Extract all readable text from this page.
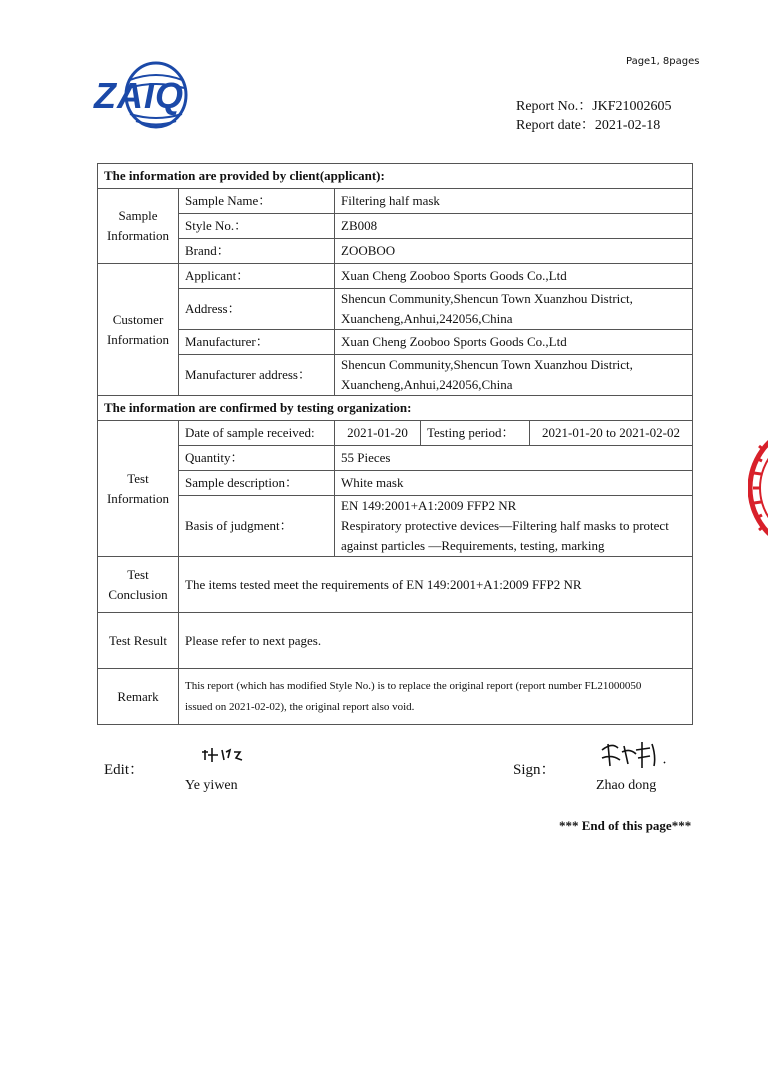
Page1, 8pages
ZAIQ	Report No.：JKF21002605
Report date：2021-02-18
The information are provided by client(applicant):				

Sample
Information	Sample Name：	Filtering half mask		
	Style No.：	ZB008		
	Brand：	ZOOBOO		

Customer
Information	Applicant：	Xuan Cheng Zooboo Sports Goods Co.,Ltd		
	Address：	Shencun Community,Shencun Town Xuanzhou District,
Xuancheng,Anhui,242056,China		

	Manufacturer：	Xuan Cheng Zooboo Sports Goods Co.,Ltd		
	Manufacturer address：	Shencun Community,Shencun Town Xuanzhou District,
Xuancheng,Anhui,242056,China		

The information are confirmed by testing organization:				

Test
Information	Date of sample received:	2021-01-20	Testing period：	2021-01-20 to 2021-02-02
	Quantity：	55 Pieces		
	Sample description：	White mask		
	Basis of judgment：	EN 149:2001+A1:2009 FFP2 NR
Respiratory protective devices—Filtering half masks to protect
against particles —Requirements, testing, marking		

Test
Conclusion	The items tested meet the requirements of EN 149:2001+A1:2009 FFP2 NR			
Test Result	Please refer to next pages.			
Remark	This report (which has modified Style No.) is to replace the original report (report number FL21000050
issued on 2021-02-02), the original report also void.			
Edit：
Ye yiwen
Sign：
Zhao dong
*** End of this page***
